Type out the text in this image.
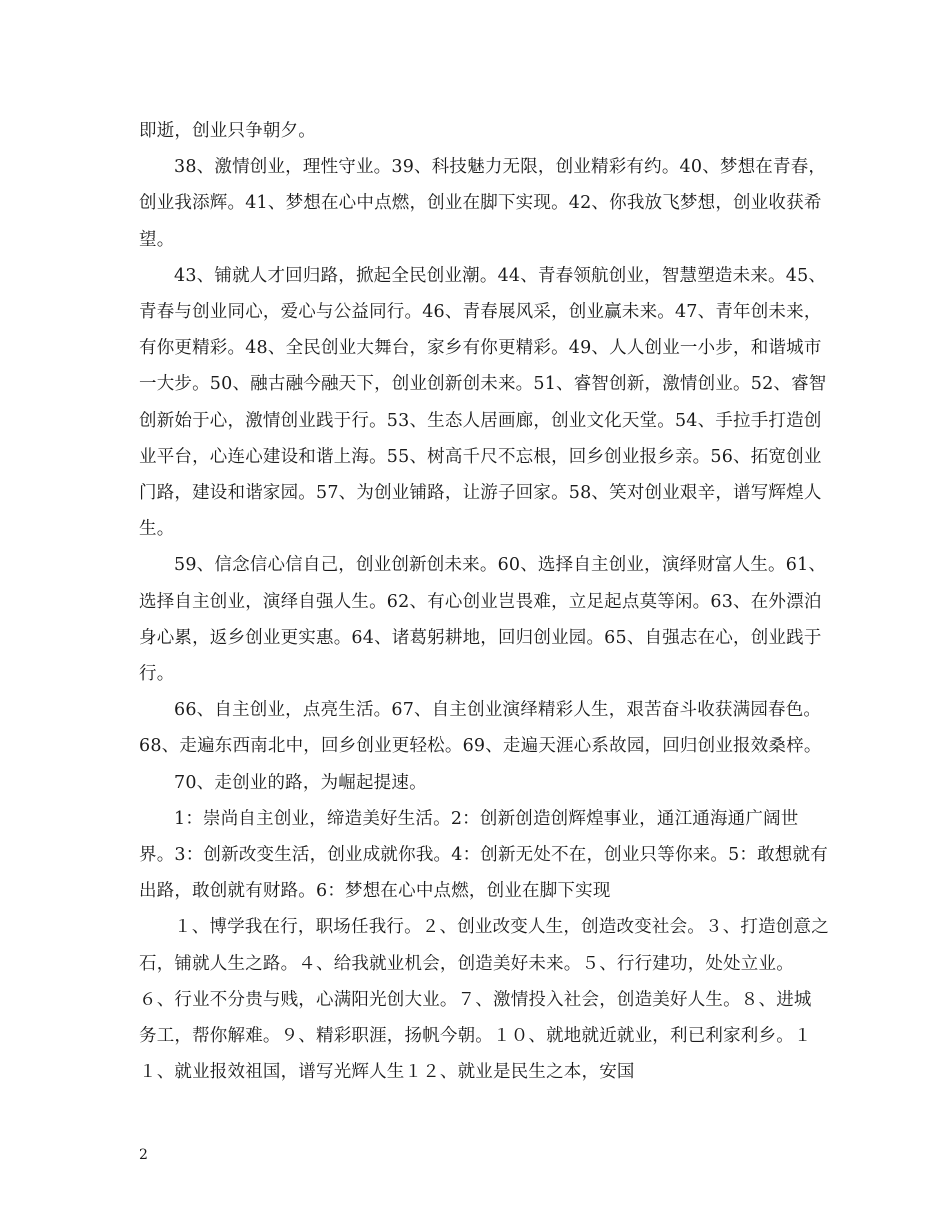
即逝，创业只争朝夕。

38、激情创业，理性守业。39、科技魅力无限，创业精彩有约。40、梦想在青春，创业我添辉。41、梦想在心中点燃，创业在脚下实现。42、你我放飞梦想，创业收获希望。

43、铺就人才回归路，掀起全民创业潮。44、青春领航创业，智慧塑造未来。45、青春与创业同心，爱心与公益同行。46、青春展风采，创业赢未来。47、青年创未来，有你更精彩。48、全民创业大舞台，家乡有你更精彩。49、人人创业一小步，和谐城市一大步。50、融古融今融天下，创业创新创未来。51、睿智创新，激情创业。52、睿智创新始于心，激情创业践于行。53、生态人居画廊，创业文化天堂。54、手拉手打造创业平台，心连心建设和谐上海。55、树高千尺不忘根，回乡创业报乡亲。56、拓宽创业门路，建设和谐家园。57、为创业铺路，让游子回家。58、笑对创业艰辛，谱写辉煌人生。

59、信念信心信自己，创业创新创未来。60、选择自主创业，演绎财富人生。61、选择自主创业，演绎自强人生。62、有心创业岂畏难，立足起点莫等闲。63、在外漂泊身心累，返乡创业更实惠。64、诸葛躬耕地，回归创业园。65、自强志在心，创业践于行。

66、自主创业，点亮生活。67、自主创业演绎精彩人生，艰苦奋斗收获满园春色。68、走遍东西南北中，回乡创业更轻松。69、走遍天涯心系故园，回归创业报效桑梓。

70、走创业的路，为崛起提速。

1：崇尚自主创业，缔造美好生活。2：创新创造创辉煌事业，通江通海通广阔世界。3：创新改变生活，创业成就你我。4：创新无处不在，创业只等你来。5：敢想就有出路，敢创就有财路。6：梦想在心中点燃，创业在脚下实现

１、博学我在行，职场任我行。２、创业改变人生，创造改变社会。３、打造创意之石，铺就人生之路。４、给我就业机会，创造美好未来。５、行行建功，处处立业。６、行业不分贵与贱，心满阳光创大业。７、激情投入社会，创造美好人生。８、进城务工，帮你解难。９、精彩职涯，扬帆今朝。１０、就地就近就业，利已利家利乡。１１、就业报效祖国，谱写光辉人生１２、就业是民生之本，安国

2
